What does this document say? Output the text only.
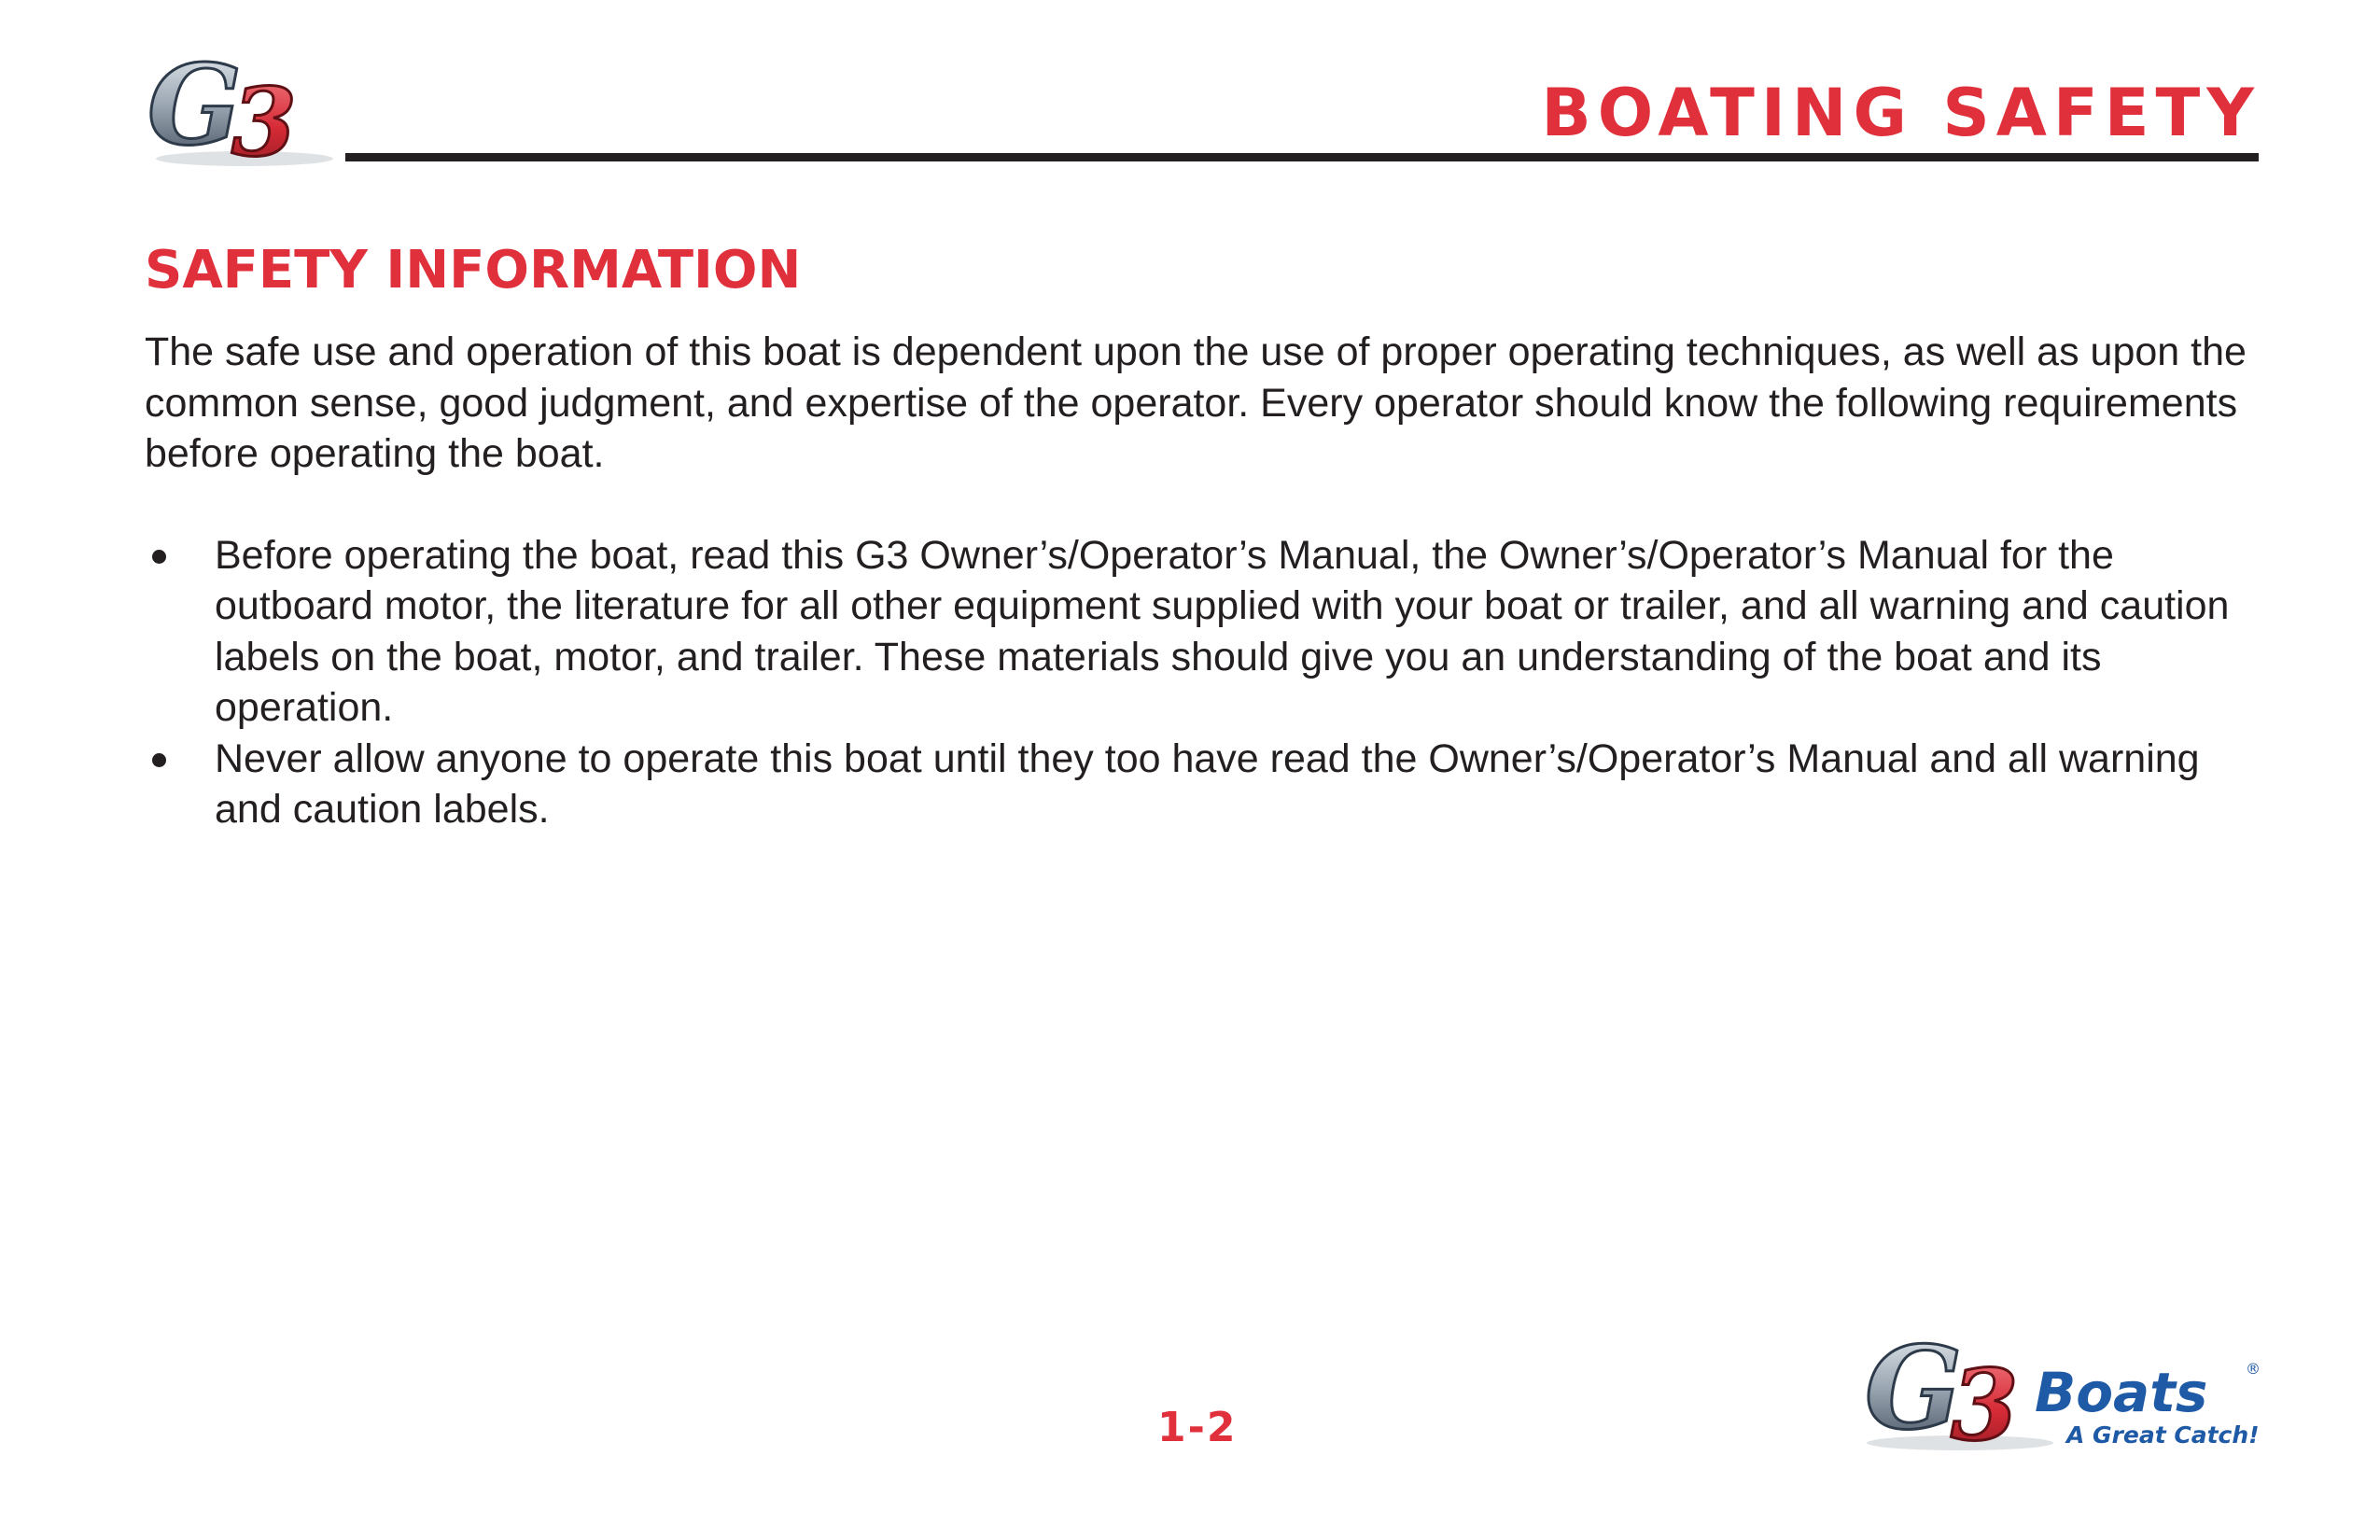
G
3	BOATING SAFETY
SAFETY INFORMATION

The safe use and operation of this boat is dependent upon the use of proper operating techniques, as well as upon the common sense, good judgment, and expertise of the operator. Every operator should know the following requirements before operating the boat.

Before operating the boat, read this G3 Owner’s/Operator’s Manual, the Owner’s/Operator’s Manual for the outboard motor, the literature for all other equipment supplied with your boat or trailer, and all warning and caution labels on the boat, motor, and trailer. These materials should give you an understanding of the boat and its operation.
Never allow anyone to operate this boat until they too have read the Owner’s/Operator’s Manual and all warning and caution labels.
1-2	G
3 Boats	®
A Great Catch!
